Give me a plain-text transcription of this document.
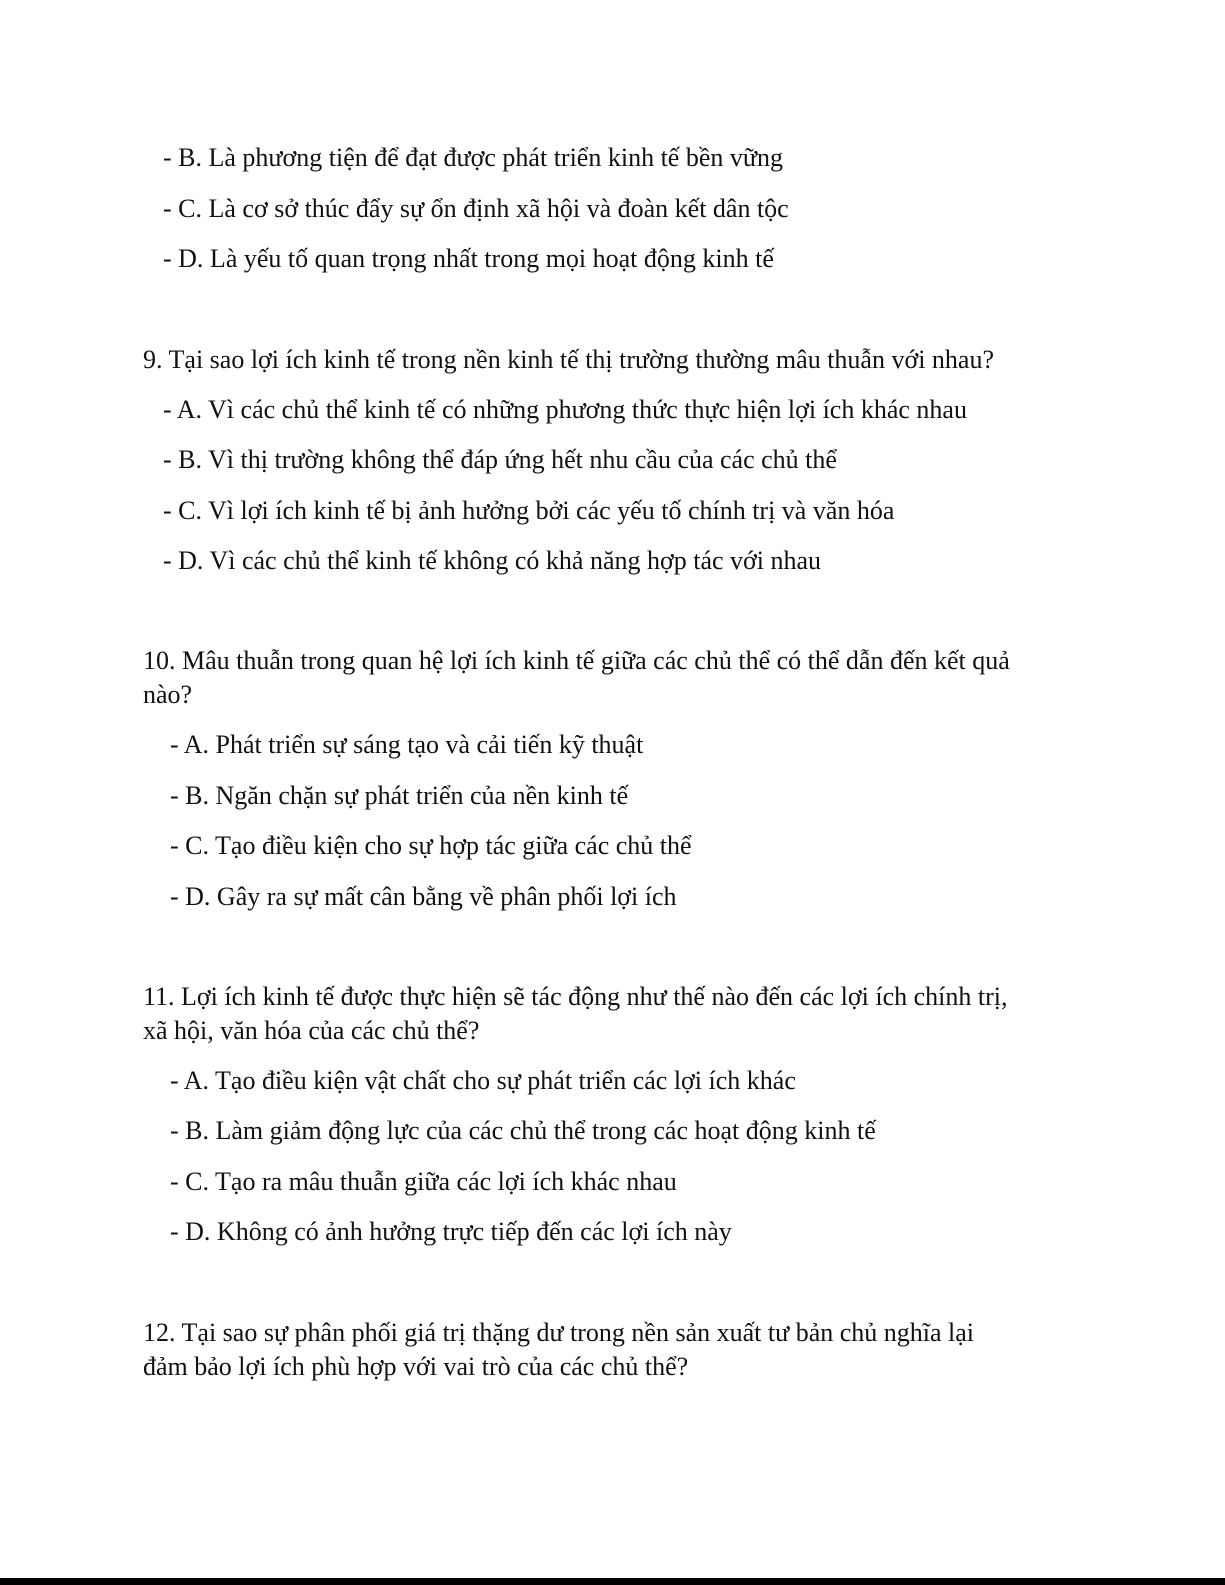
- B. Là phương tiện để đạt được phát triển kinh tế bền vững
- C. Là cơ sở thúc đẩy sự ổn định xã hội và đoàn kết dân tộc
- D. Là yếu tố quan trọng nhất trong mọi hoạt động kinh tế
9. Tại sao lợi ích kinh tế trong nền kinh tế thị trường thường mâu thuẫn với nhau?
- A. Vì các chủ thể kinh tế có những phương thức thực hiện lợi ích khác nhau
- B. Vì thị trường không thể đáp ứng hết nhu cầu của các chủ thể
- C. Vì lợi ích kinh tế bị ảnh hưởng bởi các yếu tố chính trị và văn hóa
- D. Vì các chủ thể kinh tế không có khả năng hợp tác với nhau
10. Mâu thuẫn trong quan hệ lợi ích kinh tế giữa các chủ thể có thể dẫn đến kết quả
nào?
- A. Phát triển sự sáng tạo và cải tiến kỹ thuật
- B. Ngăn chặn sự phát triển của nền kinh tế
- C. Tạo điều kiện cho sự hợp tác giữa các chủ thể
- D. Gây ra sự mất cân bằng về phân phối lợi ích
11. Lợi ích kinh tế được thực hiện sẽ tác động như thế nào đến các lợi ích chính trị,
xã hội, văn hóa của các chủ thể?
- A. Tạo điều kiện vật chất cho sự phát triển các lợi ích khác
- B. Làm giảm động lực của các chủ thể trong các hoạt động kinh tế
- C. Tạo ra mâu thuẫn giữa các lợi ích khác nhau
- D. Không có ảnh hưởng trực tiếp đến các lợi ích này
12. Tại sao sự phân phối giá trị thặng dư trong nền sản xuất tư bản chủ nghĩa lại
đảm bảo lợi ích phù hợp với vai trò của các chủ thể?
